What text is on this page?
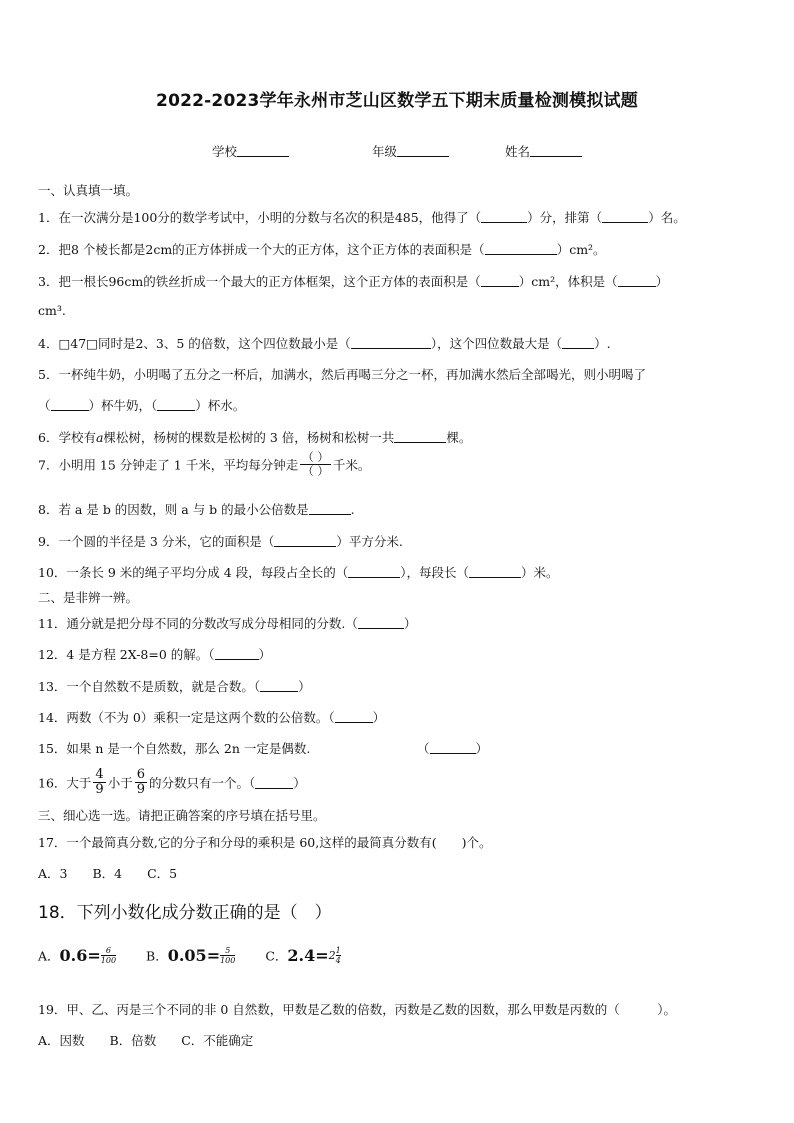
2022-2023学年永州市芝山区数学五下期末质量检测模拟试题
学校	年级	姓名
一、认真填一填。
1．在一次满分是100分的数学考试中，小明的分数与名次的积是485，他得了（	）分，排第（	）名。
2．把8 个棱长都是2cm的正方体拼成一个大的正方体，这个正方体的表面积是（	）cm²。
3．把一根长96cm的铁丝折成一个最大的正方体框架，这个正方体的表面积是（	）cm²，体积是（	）
cm³.
4．□47□同时是2、3、5 的倍数，这个四位数最小是（	），这个四位数最大是（	）.
5．一杯纯牛奶，小明喝了五分之一杯后，加满水，然后再喝三分之一杯，再加满水然后全部喝光，则小明喝了
（	）杯牛奶，（	）杯水。
6．学校有a棵松树，杨树的棵数是松树的 3 倍，杨树和松树一共	棵。
7．小明用 15 分钟走了 1 千米，平均每分钟走 $\frac{( )}{( )}$ 千米。
8．若 a 是 b 的因数，则 a 与 b 的最小公倍数是	.
9．一个圆的半径是 3 分米，它的面积是（	）平方分米.
10．一条长 9 米的绳子平均分成 4 段，每段占全长的（	），每段长（	）米。
二、是非辨一辨。
11．通分就是把分母不同的分数改写成分母相同的分数.（	）
12．4 是方程 2X-8=0 的解。（	）
13．一个自然数不是质数，就是合数。（	）
14．两数（不为 0）乘积一定是这两个数的公倍数。（	）
15．如果 n 是一个自然数，那么 2n 一定是偶数.	（	）
16．大于 $\frac{4}{9}$ 小于 $\frac{6}{9}$ 的分数只有一个。（	）
三、细心选一选。请把正确答案的序号填在括号里。
17．一个最简真分数,它的分子和分母的乘积是 60,这样的最简真分数有(　　)个。
A．3　　B．4　　C．5
18．下列小数化成分数正确的是（　）
A．$0.6= \frac{6}{100}$ B．$0.05= \frac{5}{100}$ C．$2.4=2 \frac{1}{4}$
19．甲、乙、丙是三个不同的非 0 自然数，甲数是乙数的倍数，丙数是乙数的因数，那么甲数是丙数的（　　　）。
A．因数　　B．倍数　　C．不能确定
